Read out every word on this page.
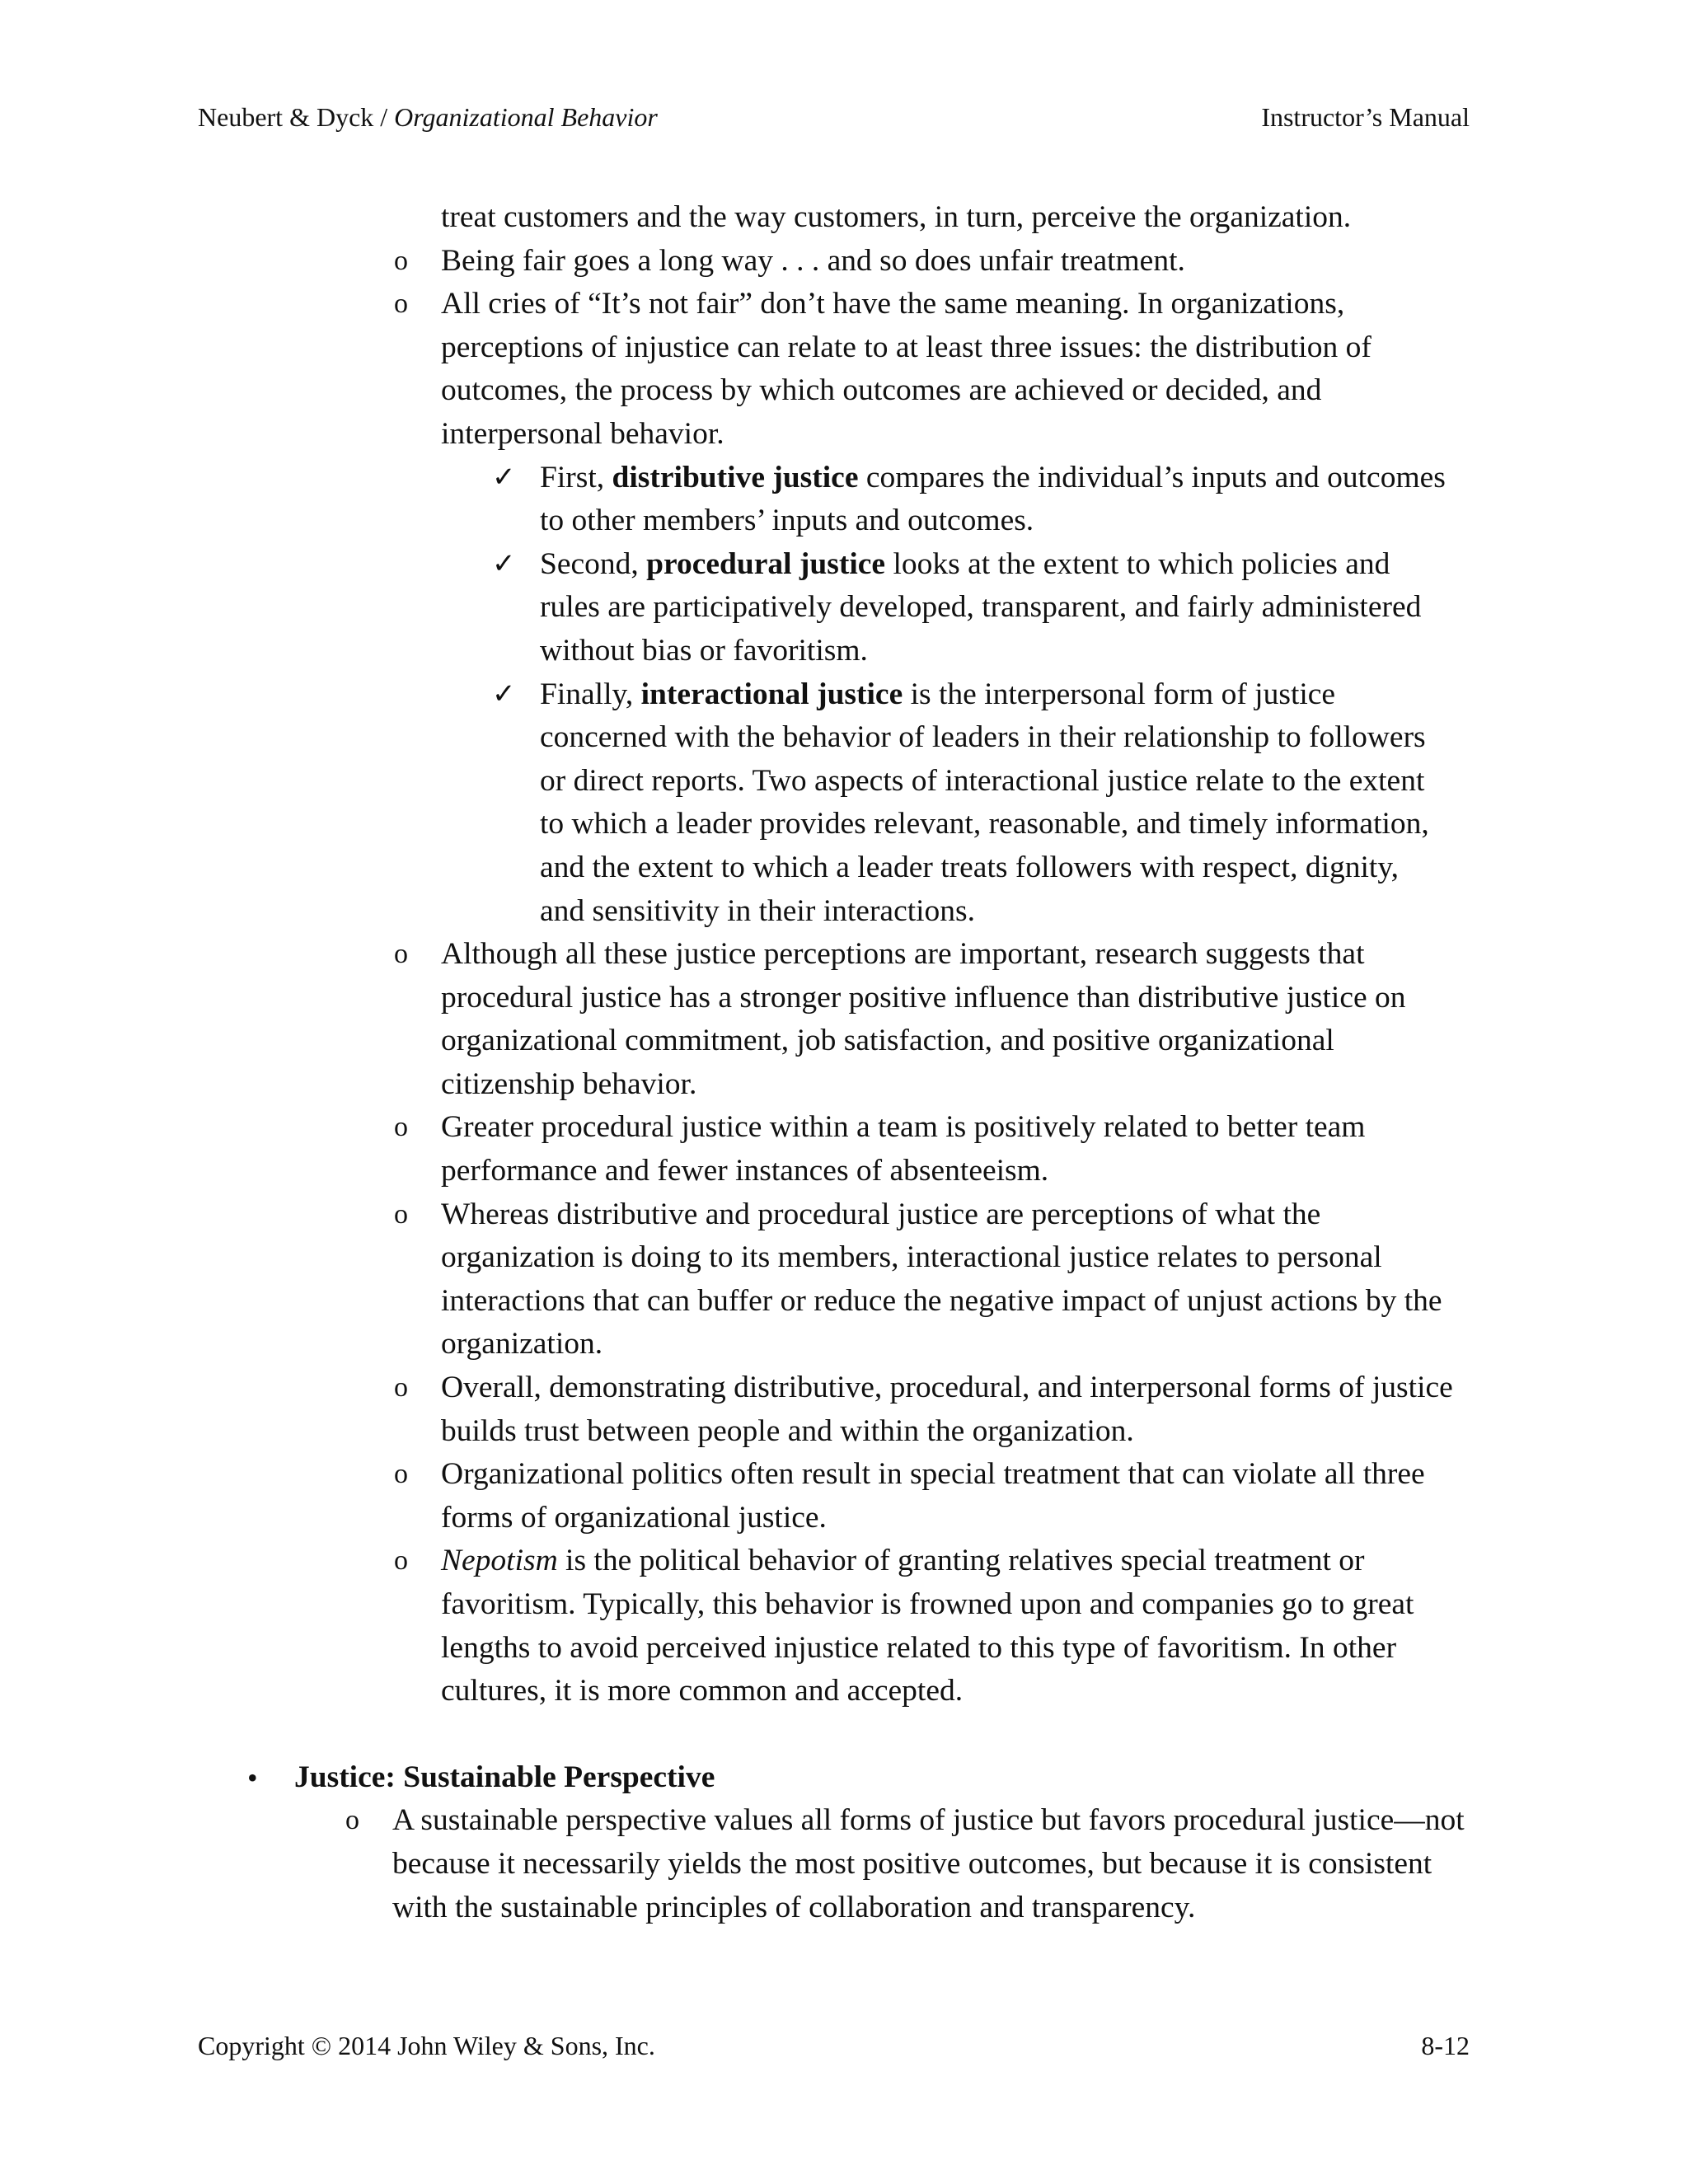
Neubert & Dyck / Organizational Behavior	Instructor’s Manual
treat customers and the way customers, in turn, perceive the organization.
o Being fair goes a long way . . . and so does unfair treatment.
o All cries of “It’s not fair” don’t have the same meaning. In organizations, perceptions of injustice can relate to at least three issues: the distribution of outcomes, the process by which outcomes are achieved or decided, and interpersonal behavior.
✓ First, distributive justice compares the individual’s inputs and outcomes to other members’ inputs and outcomes.
✓ Second, procedural justice looks at the extent to which policies and rules are participatively developed, transparent, and fairly administered without bias or favoritism.
✓ Finally, interactional justice is the interpersonal form of justice concerned with the behavior of leaders in their relationship to followers or direct reports. Two aspects of interactional justice relate to the extent to which a leader provides relevant, reasonable, and timely information, and the extent to which a leader treats followers with respect, dignity, and sensitivity in their interactions.
o Although all these justice perceptions are important, research suggests that procedural justice has a stronger positive influence than distributive justice on organizational commitment, job satisfaction, and positive organizational citizenship behavior.
o Greater procedural justice within a team is positively related to better team performance and fewer instances of absenteeism.
o Whereas distributive and procedural justice are perceptions of what the organization is doing to its members, interactional justice relates to personal interactions that can buffer or reduce the negative impact of unjust actions by the organization.
o Overall, demonstrating distributive, procedural, and interpersonal forms of justice builds trust between people and within the organization.
o Organizational politics often result in special treatment that can violate all three forms of organizational justice.
o Nepotism is the political behavior of granting relatives special treatment or favoritism. Typically, this behavior is frowned upon and companies go to great lengths to avoid perceived injustice related to this type of favoritism. In other cultures, it is more common and accepted.
• Justice: Sustainable Perspective
o A sustainable perspective values all forms of justice but favors procedural justice—not because it necessarily yields the most positive outcomes, but because it is consistent with the sustainable principles of collaboration and transparency.
Copyright © 2014 John Wiley & Sons, Inc.	8-12
